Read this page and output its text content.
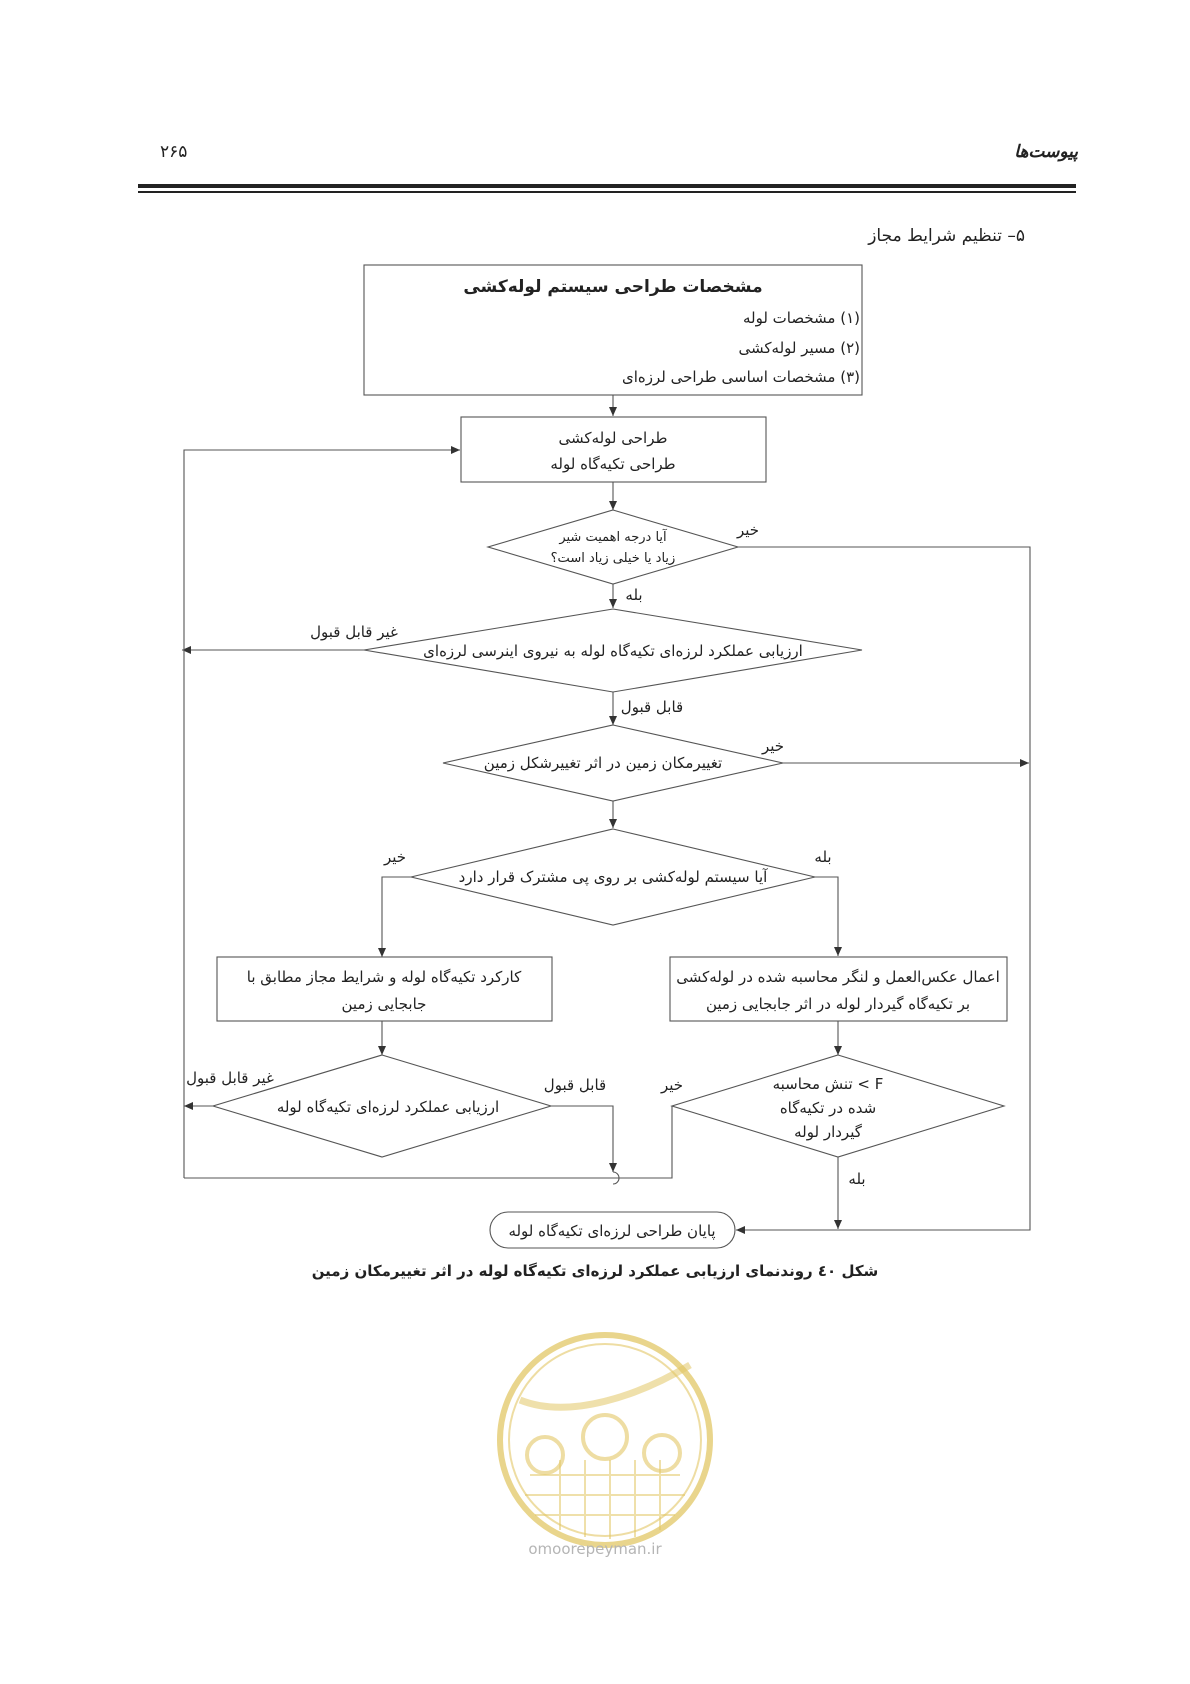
پیوست‌ها
۲۶۵
۵– تنظیم شرایط مجاز
مشخصات طراحی سیستم لوله‌کشی
(۱) مشخصات لوله
(۲) مسیر لوله‌کشی
(۳) مشخصات اساسی طراحی لرزه‌ای
طراحی لوله‌کشی
طراحی تکیه‌گاه لوله
آیا درجه اهمیت شیر
زیاد یا خیلی زیاد است؟
خیر
بله
ارزیابی عملکرد لرزه‌ای تکیه‌گاه لوله به نیروی اینرسی لرزه‌ای
غیر قابل قبول
قابل قبول
تغییرمکان زمین در اثر تغییرشکل زمین
خیر
آیا سیستم لوله‌کشی بر روی پی مشترک قرار دارد
خیر	بله
کارکرد تکیه‌گاه لوله و شرایط مجاز مطابق با
جابجایی زمین
اعمال عکس‌العمل و لنگر محاسبه شده در لوله‌کشی
بر تکیه‌گاه گیردار لوله در اثر جابجایی زمین
ارزیابی عملکرد لرزه‌ای تکیه‌گاه لوله
غیر قابل قبول	قابل قبول	F > تنش محاسبه
شده در تکیه‌گاه
گیردار لوله
خیر
بله
پایان طراحی لرزه‌ای تکیه‌گاه لوله
شکل ٤٠ روندنمای ارزیابی عملکرد لرزه‌ای تکیه‌گاه لوله در اثر تغییرمکان زمین
omoorepeyman.ir
